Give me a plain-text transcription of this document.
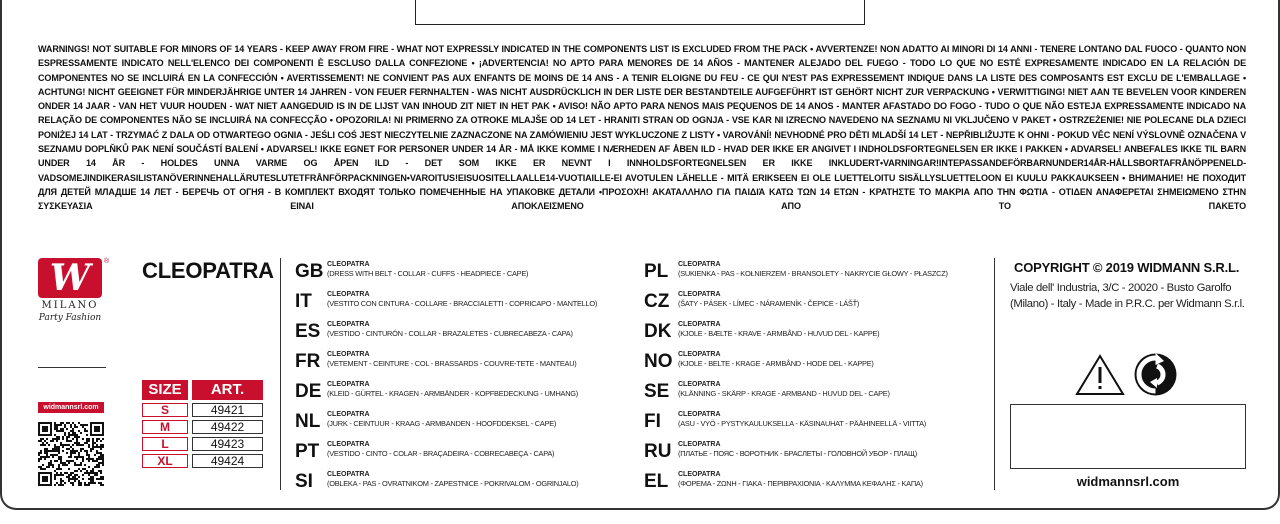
WARNINGS! NOT SUITABLE FOR MINORS OF 14 YEARS - KEEP AWAY FROM FIRE - WHAT NOT EXPRESSLY INDICATED IN THE COMPONENTS LIST IS EXCLUDED FROM THE PACK • AVVERTENZE! NON ADATTO AI MINORI DI 14 ANNI - TENERE LONTANO DAL FUOCO - QUANTO NON ESPRESSAMENTE INDICATO NELL'ELENCO DEI COMPONENTI È ESCLUSO DALLA CONFEZIONE • ¡ADVERTENCIA! NO APTO PARA MENORES DE 14 AÑOS - MANTENER ALEJADO DEL FUEGO - TODO LO QUE NO ESTÉ EXPRESAMENTE INDICADO EN LA RELACIÓN DE COMPONENTES NO SE INCLUIRÁ EN LA CONFECCIÓN • AVERTISSEMENT! NE CONVIENT PAS AUX ENFANTS DE MOINS DE 14 ANS - A TENIR ELOIGNE DU FEU - CE QUI N'EST PAS EXPRESSEMENT INDIQUE DANS LA LISTE DES COMPOSANTS EST EXCLU DE L'EMBALLAGE • ACHTUNG! NICHT GEEIGNET FÜR MINDERJÄHRIGE UNTER 14 JAHREN - VON FEUER FERNHALTEN - WAS NICHT AUSDRÜCKLICH IN DER LISTE DER BESTANDTEILE AUFGEFÜHRT IST GEHÖRT NICHT ZUR VERPACKUNG • VERWITTIGING! NIET AAN TE BEVELEN VOOR KINDEREN ONDER 14 JAAR - VAN HET VUUR HOUDEN - WAT NIET AANGEDUID IS IN DE LIJST VAN INHOUD ZIT NIET IN HET PAK • AVISO! NÃO APTO PARA NENOS MAIS PEQUENOS DE 14 ANOS - MANTER AFASTADO DO FOGO - TUDO O QUE NÃO ESTEJA EXPRESSAMENTE INDICADO NA RELAÇÃO DE COMPONENTES NÃO SE INCLUIRÁ NA CONFECÇÃO • OPOZORILA! NI PRIMERNO ZA OTROKE MLAJŠE OD 14 LET - HRANITI STRAN OD OGNJA - VSE KAR NI IZRECNO NAVEDENO NA SEZNAMU NI VKLJUČENO V PAKET • OSTRZEŻENIE! NIE POLECANE DLA DZIECI PONIŻEJ 14 LAT - TRZYMAĆ Z DALA OD OTWARTEGO OGNIA - JEŚLI COŚ JEST NIECZYTELNIE ZAZNACZONE NA ZAMÓWIENIU JEST WYKLUCZONE Z LISTY • VAROVÁNÍ! NEVHODNÉ PRO DĚTI MLADŠÍ 14 LET - NEPŘIBLIŽUJTE K OHNI - POKUD VĚC NENÍ VÝSLOVNĚ OZNAČENA V SEZNAMU DOPLŇKŮ PAK NENÍ SOUČÁSTÍ BALENÍ • ADVARSEL! IKKE EGNET FOR PERSONER UNDER 14 ÅR - MÅ IKKE KOMME I NÆRHEDEN AF ÅBEN ILD - HVAD DER IKKE ER ANGIVET I INDHOLDSFORTEGNELSEN ER IKKE I PAKKEN • ADVARSEL! ANBEFALES IKKE TIL BARN UNDER 14 ÅR - HOLDES UNNA VARME OG ÅPEN ILD - DET SOM IKKE ER NEVNT I INNHOLDSFORTEGNELSEN ER IKKE INKLUDERT•VARNINGAR!INTEPASSANDEFÖRBARNUNDER14ÅR-HÅLLSBORTAFRÅNÖPPENELD-VADSOMEJINDIKERASILISTANÖVERINNEHALLÄRUTESLUTETFRÅNFÖRPACKNINGEN•VAROITUS!EISUOSITELLAALLE14-VUOTIAILLE-EI AVOTULEN LÄHELLE - MITÄ ERIKSEEN EI OLE LUETTELOITU SISÄLLYSLUETTELOON EI KUULU PAKKAUKSEEN • ВНИМАНИЕ! НЕ ПОХОДИТ ДЛЯ ДЕТЕЙ МЛАДШЕ 14 ЛЕТ - БЕРЕЧЬ ОТ ОГНЯ - В КОМПЛЕКТ ВХОДЯТ ТОЛЬКО ПОМЕЧЕННЫЕ НА УПАКОВКЕ ДЕТАЛИ •ΠΡΟΣΟΧΗ! ΑΚΑΤΑΛΛΗΛΟ ΓΙΑ ΠΑΙΔΙΆ ΚΑΤΩ ΤΩΝ 14 ΕΤΩΝ - ΚΡΑΤΗΣΤΕ ΤΟ ΜΑΚΡΙΑ ΑΠΟ ΤΗΝ ΦΩΤΙΑ - ΟΤΙΔΕΝ ΑΝΑΦΕΡΕΤΑΙ ΣΗΜΕΙΩΜΕΝΟ ΣΤΗΝ ΣΥΣΚΕΥΑΣΙΑ ΕΙΝΑΙ ΑΠΟΚΛΕΙΣΜΕΝΟ ΑΠΟ ΤΟ ΠΑΚΕΤΟ
W	®
MILANO
Party Fashion
CLEOPATRA
widmannsrl.com
SIZE	ART.
S	49421
M	49422
L	49423
XL	49424
GB CLEOPATRA
(DRESS WITH BELT - COLLAR - CUFFS - HEADPIECE - CAPE)
IT CLEOPATRA
(VESTITO CON CINTURA - COLLARE - BRACCIALETTI - COPRICAPO - MANTELLO)
ES CLEOPATRA
(VESTIDO - CINTURÓN - COLLAR - BRAZALETES - CUBRECABEZA - CAPA)
FR CLEOPATRA
(VETEMENT - CEINTURE - COL - BRASSARDS - COUVRE-TETE - MANTEAU)
DE CLEOPATRA
(KLEID - GÜRTEL - KRAGEN - ARMBÄNDER - KOPFBEDECKUNG - UMHANG)
NL CLEOPATRA
(JURK - CEINTUUR - KRAAG - ARMBANDEN - HOOFDDEKSEL - CAPE)
PT CLEOPATRA
(VESTIDO - CINTO - COLAR - BRAÇADEIRA - COBRECABEÇA - CAPA)
SI CLEOPATRA
(OBLEKA - PAS - OVRATNIKOM - ZAPESTNICE - POKRIVALOM - OGRINJALO)
PL CLEOPATRA
(SUKIENKA - PAS - KOŁNIERZEM - BRANSOLETY - NAKRYCIE GŁOWY - PŁASZCZ)
CZ CLEOPATRA
(ŠATY - PÁSEK - LÍMEC - NÁRAMENÍK - ČEPICE - LÁŠŤ)
DK CLEOPATRA
(KJOLE - BÆLTE - KRAVE - ARMBÅND - HUVUD DEL - KAPPE)
NO CLEOPATRA
(KJOLE - BELTE - KRAGE - ARMBÅND - HODE DEL - KAPPE)
SE CLEOPATRA
(KLÄNNING - SKÄRP - KRAGE - ARMBAND - HUVUD DEL - CAPE)
FI CLEOPATRA
(ASU - VYÖ - PYSTYKAULUKSELLA - KÄSINAUHAT - PÄÄHINEELLÄ - VIITTA)
RU CLEOPATRA
(ПЛАТЬЕ - ПОЯС - ВОРОТНИК - БРАСЛЕТЫ - ГОЛОВНОЙ УБОР - ПЛАЩ)
EL CLEOPATRA
(ΦΟΡΕΜΑ - ΖΩΝΗ - ΓΙΑΚΑ - ΠΕΡΙΒΡΑΧΙΟΝΙΑ - ΚΑΛΥΜΜΑ ΚΕΦΑΛΗΣ - ΚΑΠΑ)
COPYRIGHT © 2019 WIDMANN S.R.L.
Viale dell' Industria, 3/C - 20020 - Busto Garolfo (Milano) - Italy - Made in P.R.C. per Widmann S.r.l.
widmannsrl.com
